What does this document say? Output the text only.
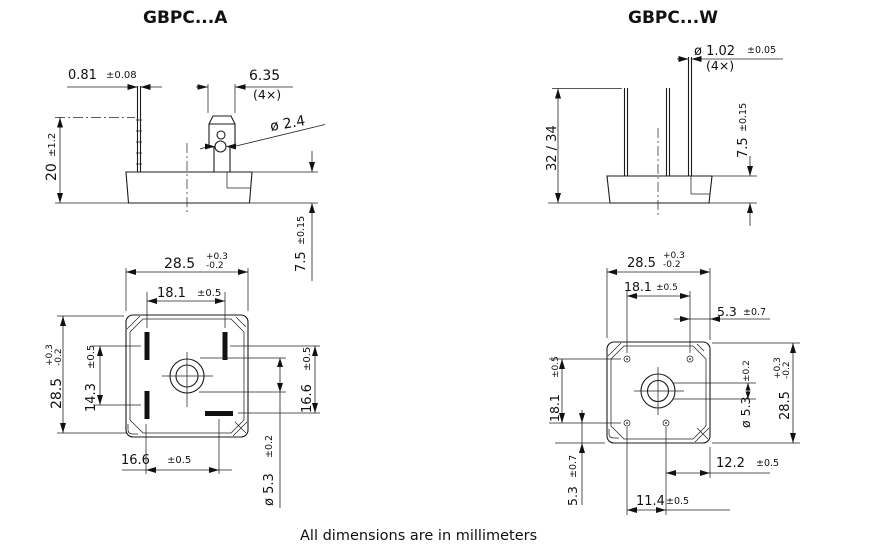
GBPC...A	GBPC...W
0.81 ±0.08	6.35
(4×)
ø 2.4
20
±1.2
7.5
±0.15
28.5 +0.3
-0.2
18.1 ±0.5
28.5
+0.3 -0.2
14.3
±0.5
16.6
±0.5
16.6 ±0.5
ø 5.3
±0.2
ø 1.02 ±0.05
(4×)
32 / 34	7.5
±0.15
28.5 +0.3
-0.2
18.1 ±0.5
5.3 ±0.7
28.5
+0.3 -0.2
18.1
±0.5
5.3
±0.7
ø 5.3
±0.2
12.2 ±0.5
11.4 ±0.5
All dimensions are in millimeters
